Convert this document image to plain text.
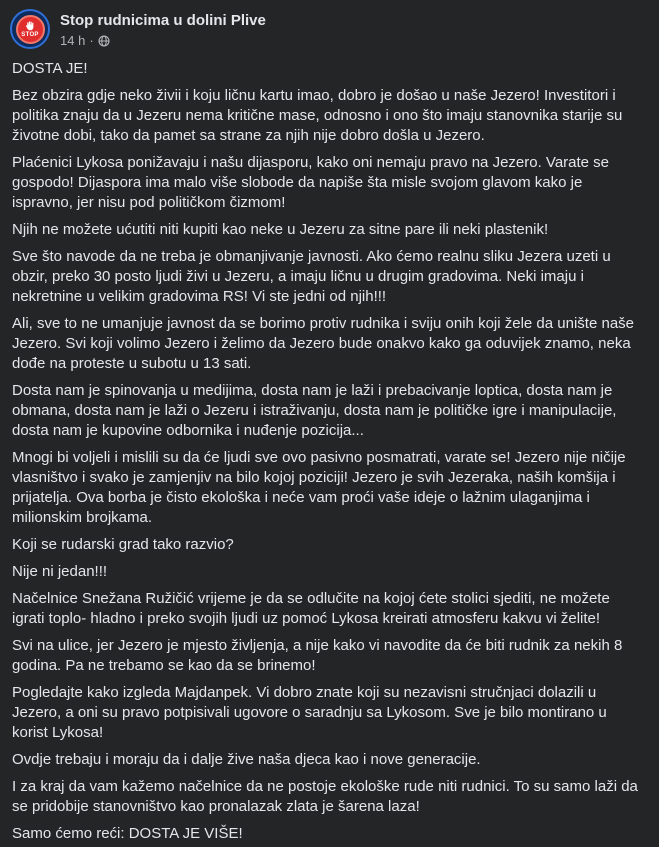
STOP
Stop rudnicima u dolini Plive
14 h ·

DOSTA JE!

Bez obzira gdje neko živii i koju ličnu kartu imao, dobro je došao u naše Jezero! Investitori i politika znaju da u Jezeru nema kritične mase, odnosno i ono što imaju stanovnika starije su životne dobi, tako da pamet sa strane za njih nije dobro došla u Jezero.

Plaćenici Lykosa ponižavaju i našu dijasporu, kako oni nemaju pravo na Jezero. Varate se gospodo! Dijaspora ima malo više slobode da napiše šta misle svojom glavom kako je ispravno, jer nisu pod političkom čizmom!

Njih ne možete ućutiti niti kupiti kao neke u Jezeru za sitne pare ili neki plastenik!

Sve što navode da ne treba je obmanjivanje javnosti. Ako ćemo realnu sliku Jezera uzeti u obzir, preko 30 posto ljudi živi u Jezeru, a imaju ličnu u drugim gradovima. Neki imaju i nekretnine u velikim gradovima RS! Vi ste jedni od njih!!!

Ali, sve to ne umanjuje javnost da se borimo protiv rudnika i sviju onih koji žele da unište naše Jezero. Svi koji volimo Jezero i želimo da Jezero bude onakvo kako ga oduvijek znamo, neka dođe na proteste u subotu u 13 sati.

Dosta nam je spinovanja u medijima, dosta nam je laži i prebacivanje loptica, dosta nam je obmana, dosta nam je laži o Jezeru i istraživanju, dosta nam je političke igre i manipulacije, dosta nam je kupovine odbornika i nuđenje pozicija...

Mnogi bi voljeli i mislili su da će ljudi sve ovo pasivno posmatrati, varate se! Jezero nije ničije vlasništvo i svako je zamjenjiv na bilo kojoj poziciji! Jezero je svih Jezeraka, naših komšija i prijatelja. Ova borba je čisto ekološka i neće vam proći vaše ideje o lažnim ulaganjima i milionskim brojkama.

Koji se rudarski grad tako razvio?

Nije ni jedan!!!

Načelnice Snežana Ružičić vrijeme je da se odlučite na kojoj ćete stolici sjediti, ne možete igrati toplo- hladno i preko svojih ljudi uz pomoć Lykosa kreirati atmosferu kakvu vi želite!

Svi na ulice, jer Jezero je mjesto življenja, a nije kako vi navodite da će biti rudnik za nekih 8 godina. Pa ne trebamo se kao da se brinemo!

Pogledajte kako izgleda Majdanpek. Vi dobro znate koji su nezavisni stručnjaci dolazili u Jezero, a oni su pravo potpisivali ugovore o saradnju sa Lykosom. Sve je bilo montirano u korist Lykosa!

Ovdje trebaju i moraju da i dalje žive naša djeca kao i nove generacije.

I za kraj da vam kažemo načelnice da ne postoje ekološke rude niti rudnici. To su samo laži da se pridobije stanovništvo kao pronalazak zlata je šarena laza!

Samo ćemo reći: DOSTA JE VIŠE!
